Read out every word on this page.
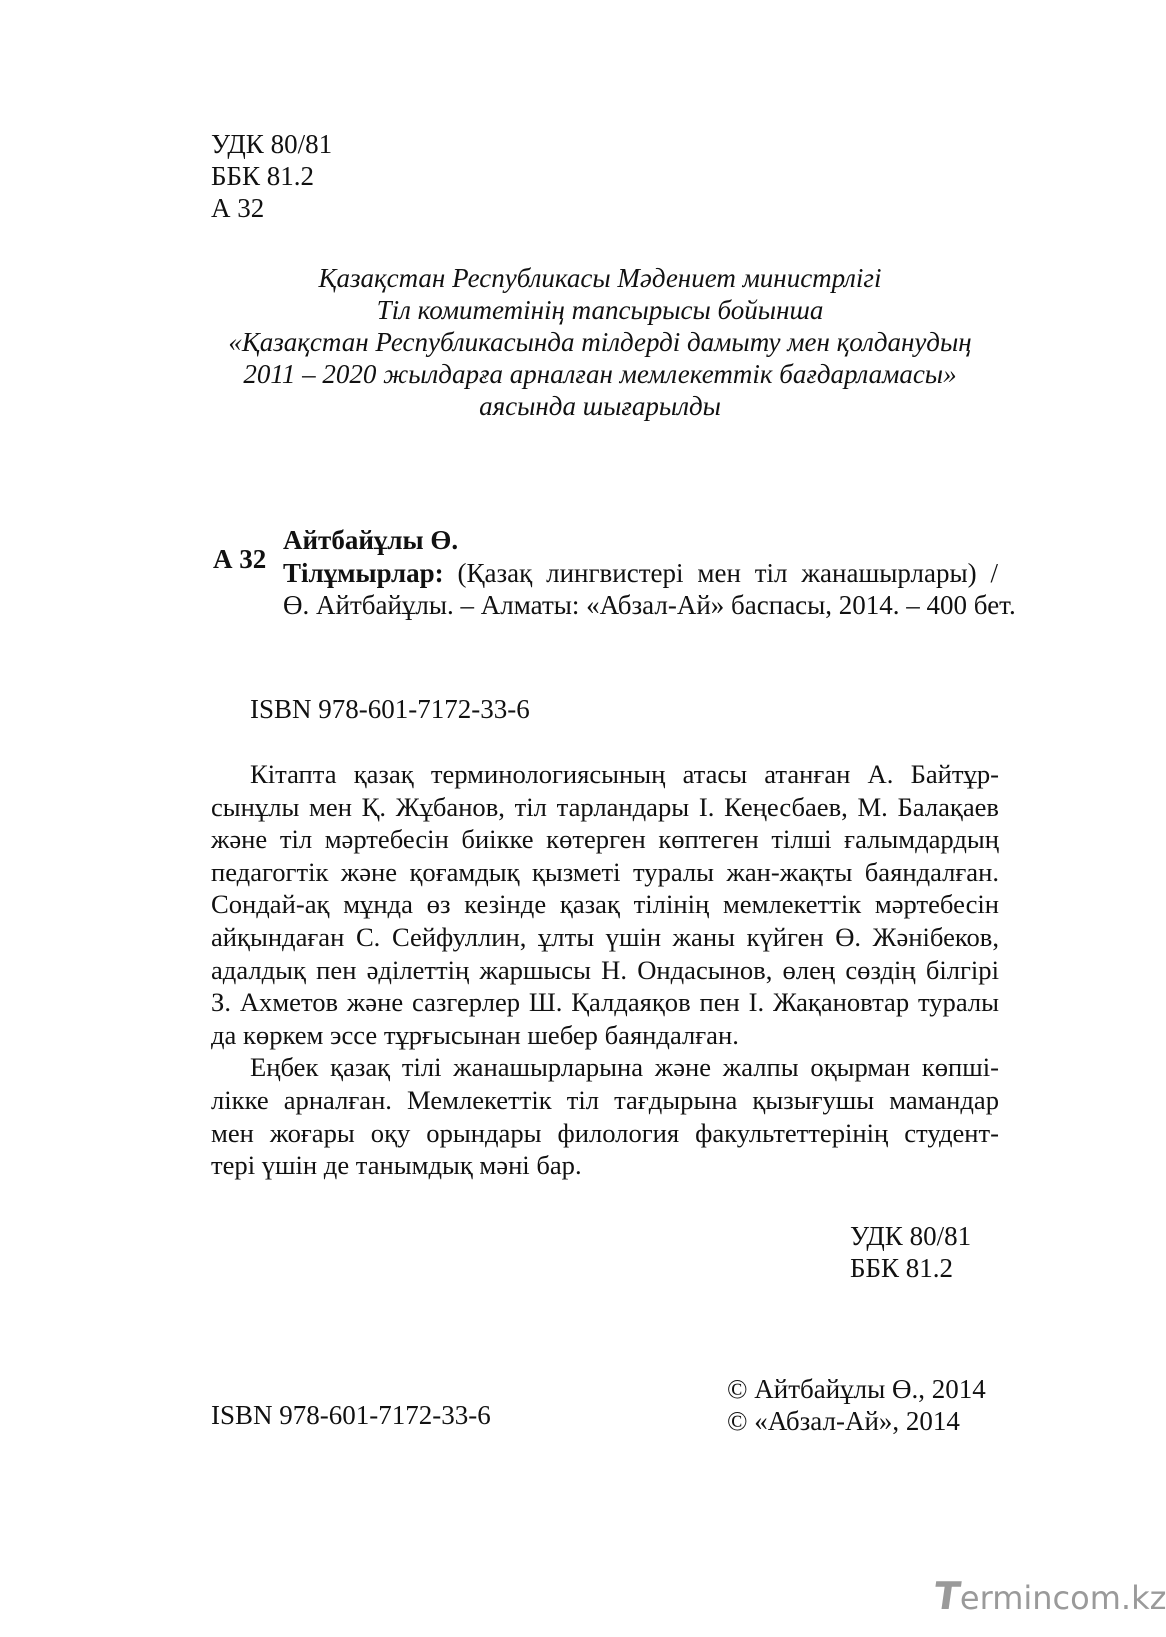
УДК 80/81
ББК 81.2
А 32
Қазақстан Республикасы Мәдениет министрлігі
Тіл комитетінің тапсырысы бойынша
«Қазақстан Республикасында тілдерді дамыту мен қолданудың
2011 – 2020 жылдарға арналған мемлекеттік бағдарламасы»
аясында шығарылды
А 32
Айтбайұлы Ө.
Тілұмырлар: (Қазақ лингвистері мен тіл жанашырлары) /
Ө. Айтбайұлы. – Алматы: «Абзал-Ай» баспасы, 2014. – 400 бет.
ISBN 978-601-7172-33-6
Кітапта қазақ терминологиясының атасы атанған А. Байтұр-
сынұлы мен Қ. Жұбанов, тіл тарландары І. Кеңесбаев, М. Балақаев
және тіл мәртебесін биікке көтерген көптеген тілші ғалымдардың
педагогтік және қоғамдық қызметі туралы жан-жақты баяндалған.
Сондай-ақ мұнда өз кезінде қазақ тілінің мемлекеттік мәртебесін
айқындаған С. Сейфуллин, ұлты үшін жаны күйген Ө. Жәнібеков,
адалдық пен әділеттің жаршысы Н. Ондасынов, өлең сөздің білгірі
З. Ахметов және сазгерлер Ш. Қалдаяқов пен І. Жақановтар туралы
да көркем эссе тұрғысынан шебер баяндалған.
Еңбек қазақ тілі жанашырларына және жалпы оқырман көпші-
лікке арналған. Мемлекеттік тіл тағдырына қызығушы мамандар
мен жоғары оқу орындары филология факультеттерінің студент-
тері үшін де танымдық мәні бар.
УДК 80/81
ББК 81.2
ISBN 978-601-7172-33-6
© Айтбайұлы Ө., 2014
© «Абзал-Ай», 2014
Termincom.kz
